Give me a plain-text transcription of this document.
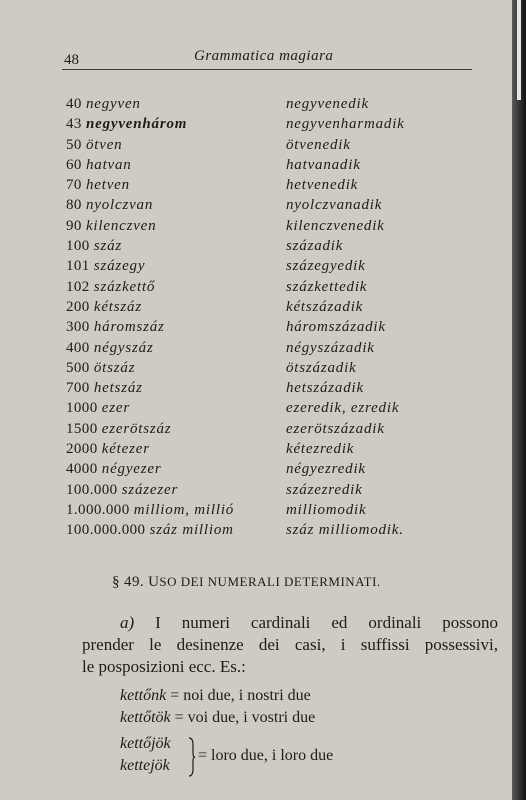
48	Grammatica magiara
40 negyven	negyvenedik
43 negyvenhárom	negyvenharmadik
50 ötven	ötvenedik
60 hatvan	hatvanadik
70 hetven	hetvenedik
80 nyolczvan	nyolczvanadik
90 kilenczven	kilenczvenedik
100 száz	századik
101 százegy	százegyedik
102 százkettő	százkettedik
200 kétszáz	kétszázadik
300 háromszáz	háromszázadik
400 négyszáz	négyszázadik
500 ötszáz	ötszázadik
700 hetszáz	hetszázadik
1000 ezer	ezeredik, ezredik
1500 ezerötszáz	ezerötszázadik
2000 kétezer	kétezredik
4000 négyezer	négyezredik
100.000 százezer	százezredik
1.000.000 milliom, millió	milliomodik
100.000.000 száz milliom	száz milliomodik.
§ 49. USO DEI NUMERALI DETERMINATI.
a) I numeri cardinali ed ordinali possono
prender le desinenze dei casi, i suffissi possessivi,
le posposizioni ecc. Es.:
kettőnk = noi due, i nostri due
kettőtök = voi due, i vostri due
kettőjök
kettejök
= loro due, i loro due
